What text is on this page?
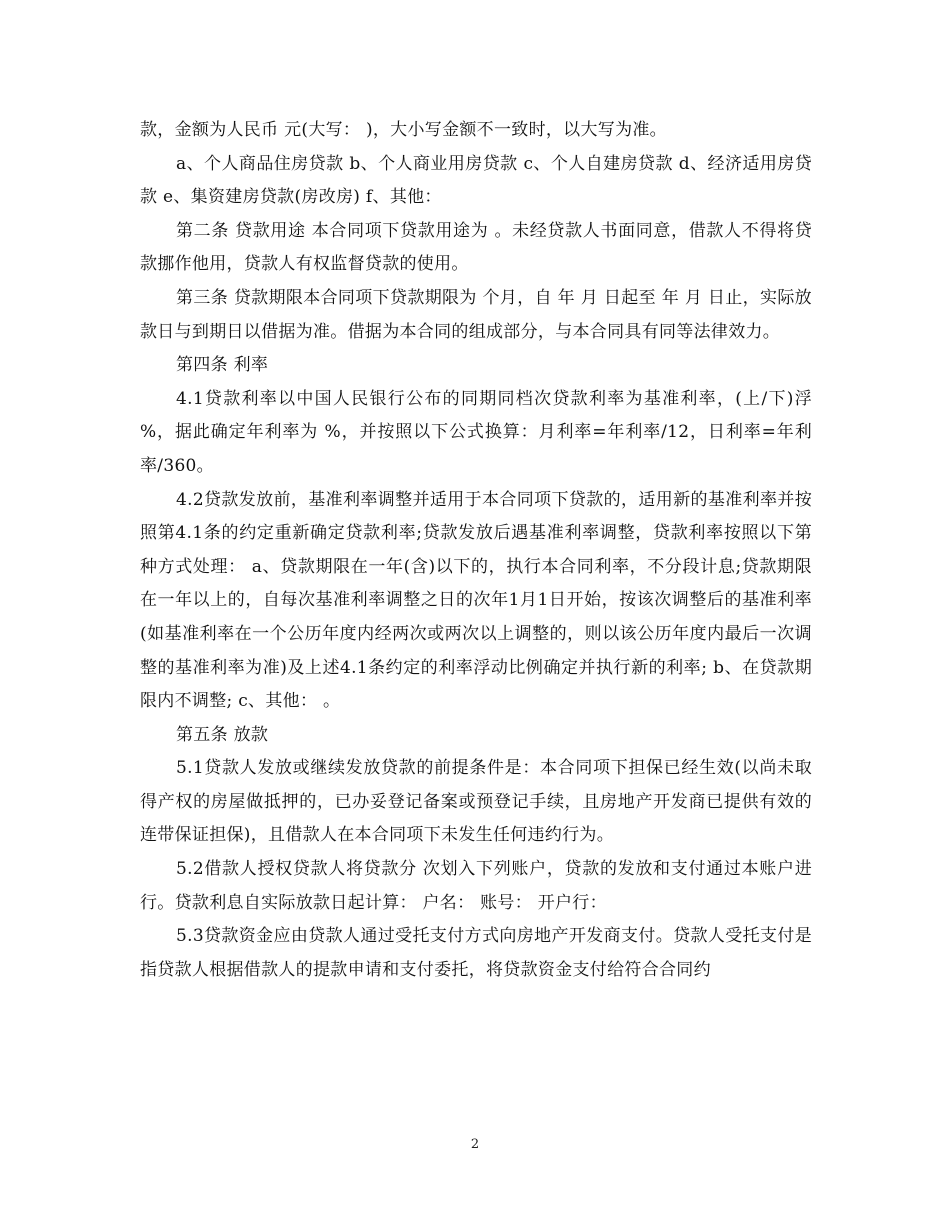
款，金额为人民币 元(大写： )，大小写金额不一致时，以大写为准。

a、个人商品住房贷款 b、个人商业用房贷款 c、个人自建房贷款 d、经济适用房贷款 e、集资建房贷款(房改房) f、其他：

第二条 贷款用途 本合同项下贷款用途为 。未经贷款人书面同意，借款人不得将贷款挪作他用，贷款人有权监督贷款的使用。

第三条 贷款期限本合同项下贷款期限为 个月，自 年 月 日起至 年 月 日止，实际放款日与到期日以借据为准。借据为本合同的组成部分，与本合同具有同等法律效力。

第四条 利率

4.1贷款利率以中国人民银行公布的同期同档次贷款利率为基准利率，(上/下)浮 %，据此确定年利率为 %，并按照以下公式换算：月利率=年利率/12，日利率=年利率/360。

4.2贷款发放前，基准利率调整并适用于本合同项下贷款的，适用新的基准利率并按照第4.1条的约定重新确定贷款利率;贷款发放后遇基准利率调整，贷款利率按照以下第 种方式处理： a、贷款期限在一年(含)以下的，执行本合同利率，不分段计息;贷款期限在一年以上的，自每次基准利率调整之日的次年1月1日开始，按该次调整后的基准利率(如基准利率在一个公历年度内经两次或两次以上调整的，则以该公历年度内最后一次调整的基准利率为准)及上述4.1条约定的利率浮动比例确定并执行新的利率; b、在贷款期限内不调整; c、其他： 。

第五条 放款

5.1贷款人发放或继续发放贷款的前提条件是：本合同项下担保已经生效(以尚未取得产权的房屋做抵押的，已办妥登记备案或预登记手续，且房地产开发商已提供有效的连带保证担保)，且借款人在本合同项下未发生任何违约行为。

5.2借款人授权贷款人将贷款分 次划入下列账户，贷款的发放和支付通过本账户进行。贷款利息自实际放款日起计算： 户名： 账号： 开户行：

5.3贷款资金应由贷款人通过受托支付方式向房地产开发商支付。贷款人受托支付是指贷款人根据借款人的提款申请和支付委托，将贷款资金支付给符合合同约

2
